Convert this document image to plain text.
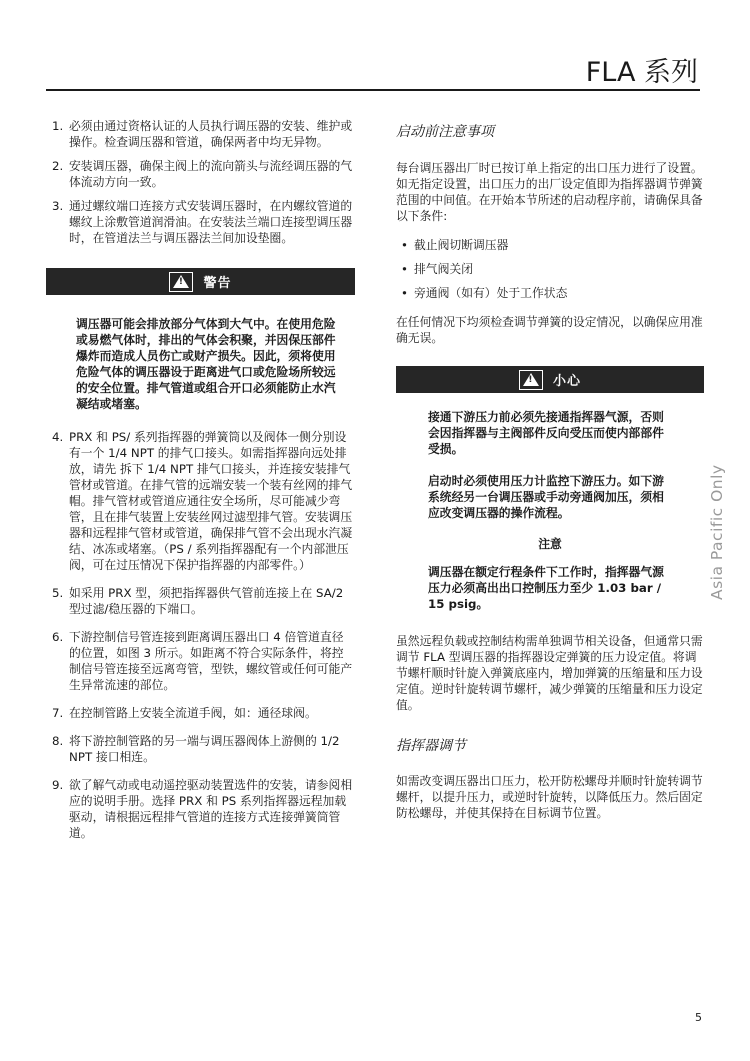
FLA 系列
1. 必须由通过资格认证的人员执行调压器的安装、维护或操作。检查调压器和管道，确保两者中均无异物。
2. 安装调压器，确保主阀上的流向箭头与流经调压器的气体流动方向一致。
3. 通过螺纹端口连接方式安装调压器时，在内螺纹管道的螺纹上涂敷管道润滑油。在安装法兰端口连接型调压器时，在管道法兰与调压器法兰间加设垫圈。
! 警告

调压器可能会排放部分气体到大气中。在使用危险或易燃气体时，排出的气体会积聚，并因保压部件爆炸而造成人员伤亡或财产损失。因此，须将使用危险气体的调压器设于距离进气口或危险场所较远的安全位置。排气管道或组合开口必须能防止水汽凝结或堵塞。

4. PRX 和 PS/ 系列指挥器的弹簧筒以及阀体一侧分别设有一个 1/4 NPT 的排气口接头。如需指挥器向远处排放，请先 拆下 1/4 NPT 排气口接头，并连接安装排气管材或管道。在排气管的远端安装一个装有丝网的排气帽。排气管材或管道应通往安全场所，尽可能减少弯管，且在排气装置上安装丝网过滤型排气管。安装调压器和远程排气管材或管道，确保排气管不会出现水汽凝结、冰冻或堵塞。（PS / 系列指挥器配有一个内部泄压阀，可在过压情况下保护指挥器的内部零件。）
5. 如采用 PRX 型，须把指挥器供气管前连接上在 SA/2 型过滤/稳压器的下端口。
6. 下游控制信号管连接到距离调压器出口 4 倍管道直径的位置，如图 3 所示。如距离不符合实际条件，将控制信号管连接至远离弯管，型铁，螺纹管或任何可能产生异常流速的部位。
7. 在控制管路上安装全流道手阀，如：通径球阀。
8. 将下游控制管路的另一端与调压器阀体上游侧的 1/2 NPT 接口相连。
9. 欲了解气动或电动遥控驱动装置选件的安装，请参阅相应的说明手册。选择 PRX 和 PS 系列指挥器远程加载驱动，请根据远程排气管道的连接方式连接弹簧筒管道。
启动前注意事项

每台调压器出厂时已按订单上指定的出口压力进行了设置。如无指定设置，出口压力的出厂设定值即为指挥器调节弹簧范围的中间值。在开始本节所述的启动程序前，请确保具备以下条件:

• 截止阀切断调压器
• 排气阀关闭
• 旁通阀（如有）处于工作状态

在任何情况下均须检查调节弹簧的设定情况，以确保应用准确无误。

! 小心

接通下游压力前必须先接通指挥器气源，否则会因指挥器与主阀部件反向受压而使内部部件受损。

启动时必须使用压力计监控下游压力。如下游系统经另一台调压器或手动旁通阀加压，须相应改变调压器的操作流程。

注意

调压器在额定行程条件下工作时，指挥器气源压力必须高出出口控制压力至少 1.03 bar / 15 psig。

虽然远程负载或控制结构需单独调节相关设备，但通常只需调节 FLA 型调压器的指挥器设定弹簧的压力设定值。将调节螺杆顺时针旋入弹簧底座内，增加弹簧的压缩量和压力设定值。逆时针旋转调节螺杆，减少弹簧的压缩量和压力设定值。

指挥器调节

如需改变调压器出口压力，松开防松螺母并顺时针旋转调节螺杆，以提升压力，或逆时针旋转，以降低压力。然后固定防松螺母，并使其保持在目标调节位置。

Asia Pacific Only
5
